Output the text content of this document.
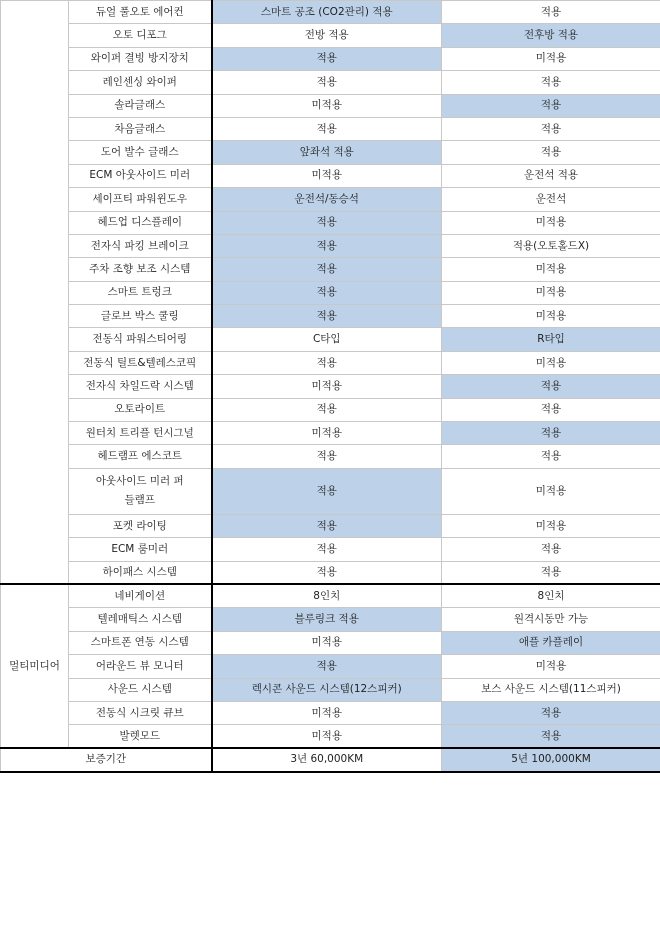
	듀얼 풀오토 에어컨	스마트 공조 (CO2관리) 적용	적용
	오토 디포그	전방 적용	전후방 적용
	와이퍼 결빙 방지장치	적용	미적용
	레인센싱 와이퍼	적용	적용
	솔라글래스	미적용	적용
	차음글래스	적용	적용
	도어 발수 글래스	앞좌석 적용	적용
	ECM 아웃사이드 미러	미적용	운전석 적용
	세이프티 파워윈도우	운전석/동승석	운전석
	헤드업 디스플레이	적용	미적용
	전자식 파킹 브레이크	적용	적용(오토홀드X)
	주차 조향 보조 시스템	적용	미적용
	스마트 트렁크	적용	미적용
	글로브 박스 쿨링	적용	미적용
	전동식 파워스티어링	C타입	R타입
	전동식 틸트&텔레스코픽	적용	미적용
	전자식 차일드락 시스템	미적용	적용
	오토라이트	적용	적용
	원터치 트리플 턴시그널	미적용	적용
	헤드램프 에스코트	적용	적용
	아웃사이드 미러 퍼들램프	적용	미적용
	포켓 라이팅	적용	미적용
	ECM 룸미러	적용	적용
	하이패스 시스템	적용	적용
멀티미디어	네비게이션	8인치	8인치
	텔레매틱스 시스템	블루링크 적용	원격시동만 가능
	스마트폰 연동 시스템	미적용	애플 카플레이
	어라운드 뷰 모니터	적용	미적용
	사운드 시스템	렉시콘 사운드 시스템(12스피커)	보스 사운드 시스템(11스피커)
	전동식 시크릿 큐브	미적용	적용
	발렛모드	미적용	적용
보증기간		3년 60,000KM	5년 100,000KM
